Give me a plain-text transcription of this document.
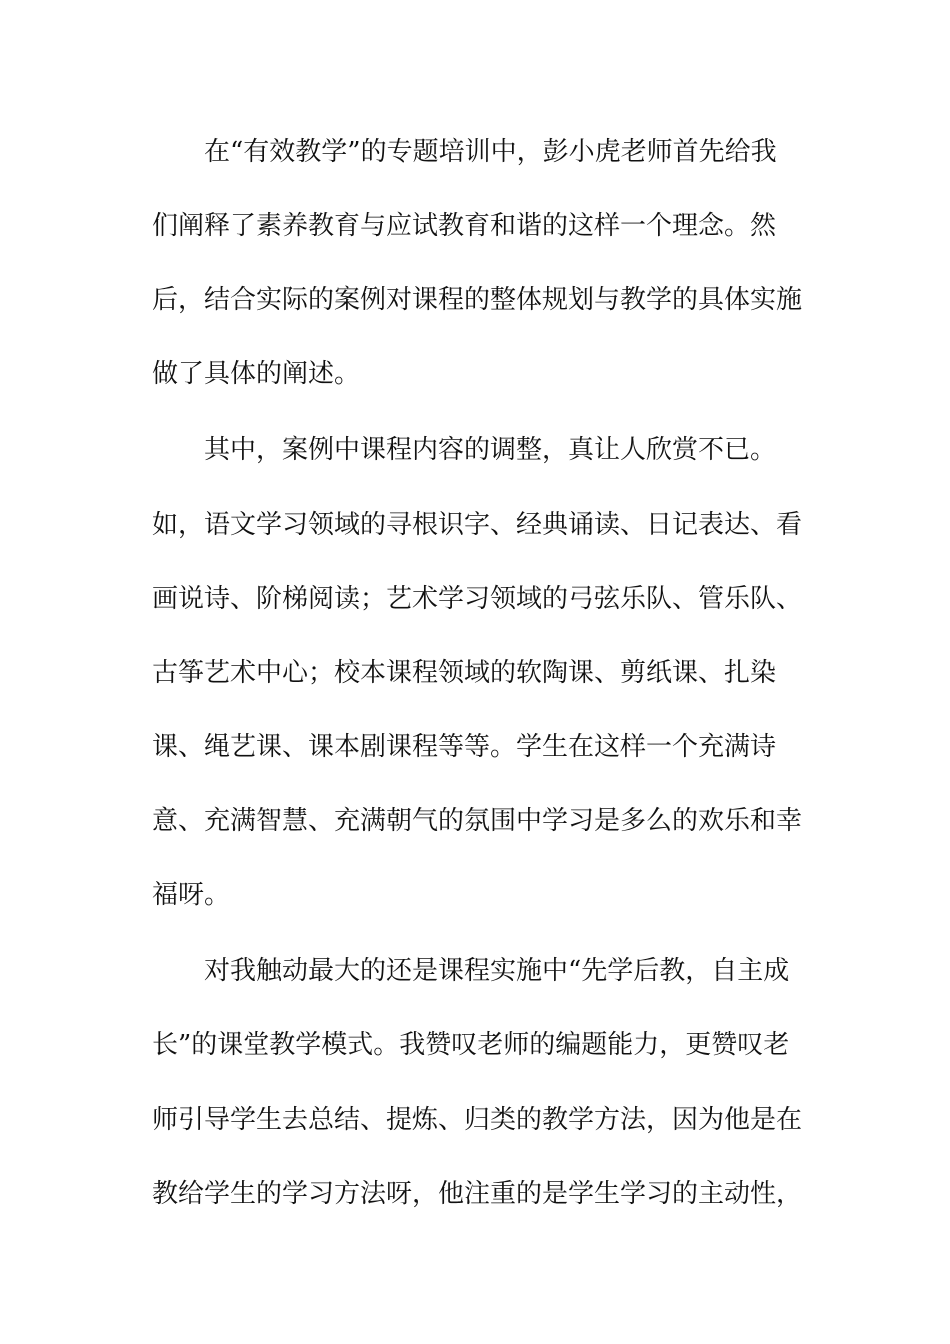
在“有效教学”的专题培训中，彭小虎老师首先给我
们阐释了素养教育与应试教育和谐的这样一个理念。然
后，结合实际的案例对课程的整体规划与教学的具体实施
做了具体的阐述。
其中，案例中课程内容的调整，真让人欣赏不已。
如，语文学习领域的寻根识字、经典诵读、日记表达、看
画说诗、阶梯阅读；艺术学习领域的弓弦乐队、管乐队、
古筝艺术中心；校本课程领域的软陶课、剪纸课、扎染
课、绳艺课、课本剧课程等等。学生在这样一个充满诗
意、充满智慧、充满朝气的氛围中学习是多么的欢乐和幸
福呀。
对我触动最大的还是课程实施中“先学后教，自主成
长”的课堂教学模式。我赞叹老师的编题能力，更赞叹老
师引导学生去总结、提炼、归类的教学方法，因为他是在
教给学生的学习方法呀，他注重的是学生学习的主动性，
